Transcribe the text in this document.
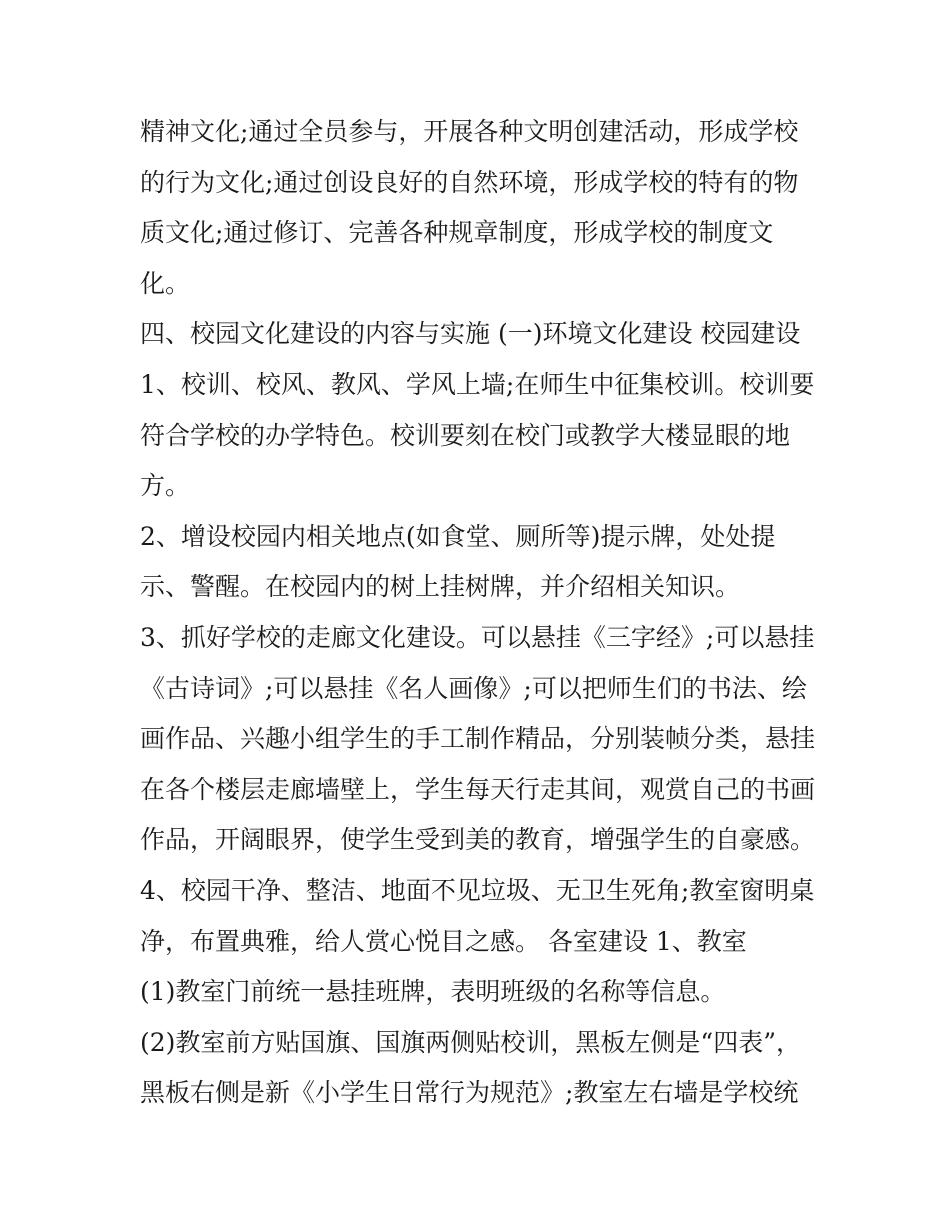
精神文化;通过全员参与，开展各种文明创建活动，形成学校

的行为文化;通过创设良好的自然环境，形成学校的特有的物

质文化;通过修订、完善各种规章制度，形成学校的制度文

化。

四、校园文化建设的内容与实施 (一)环境文化建设 校园建设

1、校训、校风、教风、学风上墙;在师生中征集校训。校训要

符合学校的办学特色。校训要刻在校门或教学大楼显眼的地

方。

2、增设校园内相关地点(如食堂、厕所等)提示牌，处处提

示、警醒。在校园内的树上挂树牌，并介绍相关知识。

3、抓好学校的走廊文化建设。可以悬挂《三字经》;可以悬挂

《古诗词》;可以悬挂《名人画像》;可以把师生们的书法、绘

画作品、兴趣小组学生的手工制作精品，分别装帧分类，悬挂

在各个楼层走廊墙壁上，学生每天行走其间，观赏自己的书画

作品，开阔眼界，使学生受到美的教育，增强学生的自豪感。

4、校园干净、整洁、地面不见垃圾、无卫生死角;教室窗明桌

净，布置典雅，给人赏心悦目之感。 各室建设 1、教室

(1)教室门前统一悬挂班牌，表明班级的名称等信息。

(2)教室前方贴国旗、国旗两侧贴校训，黑板左侧是“四表”，

黑板右侧是新《小学生日常行为规范》;教室左右墙是学校统
